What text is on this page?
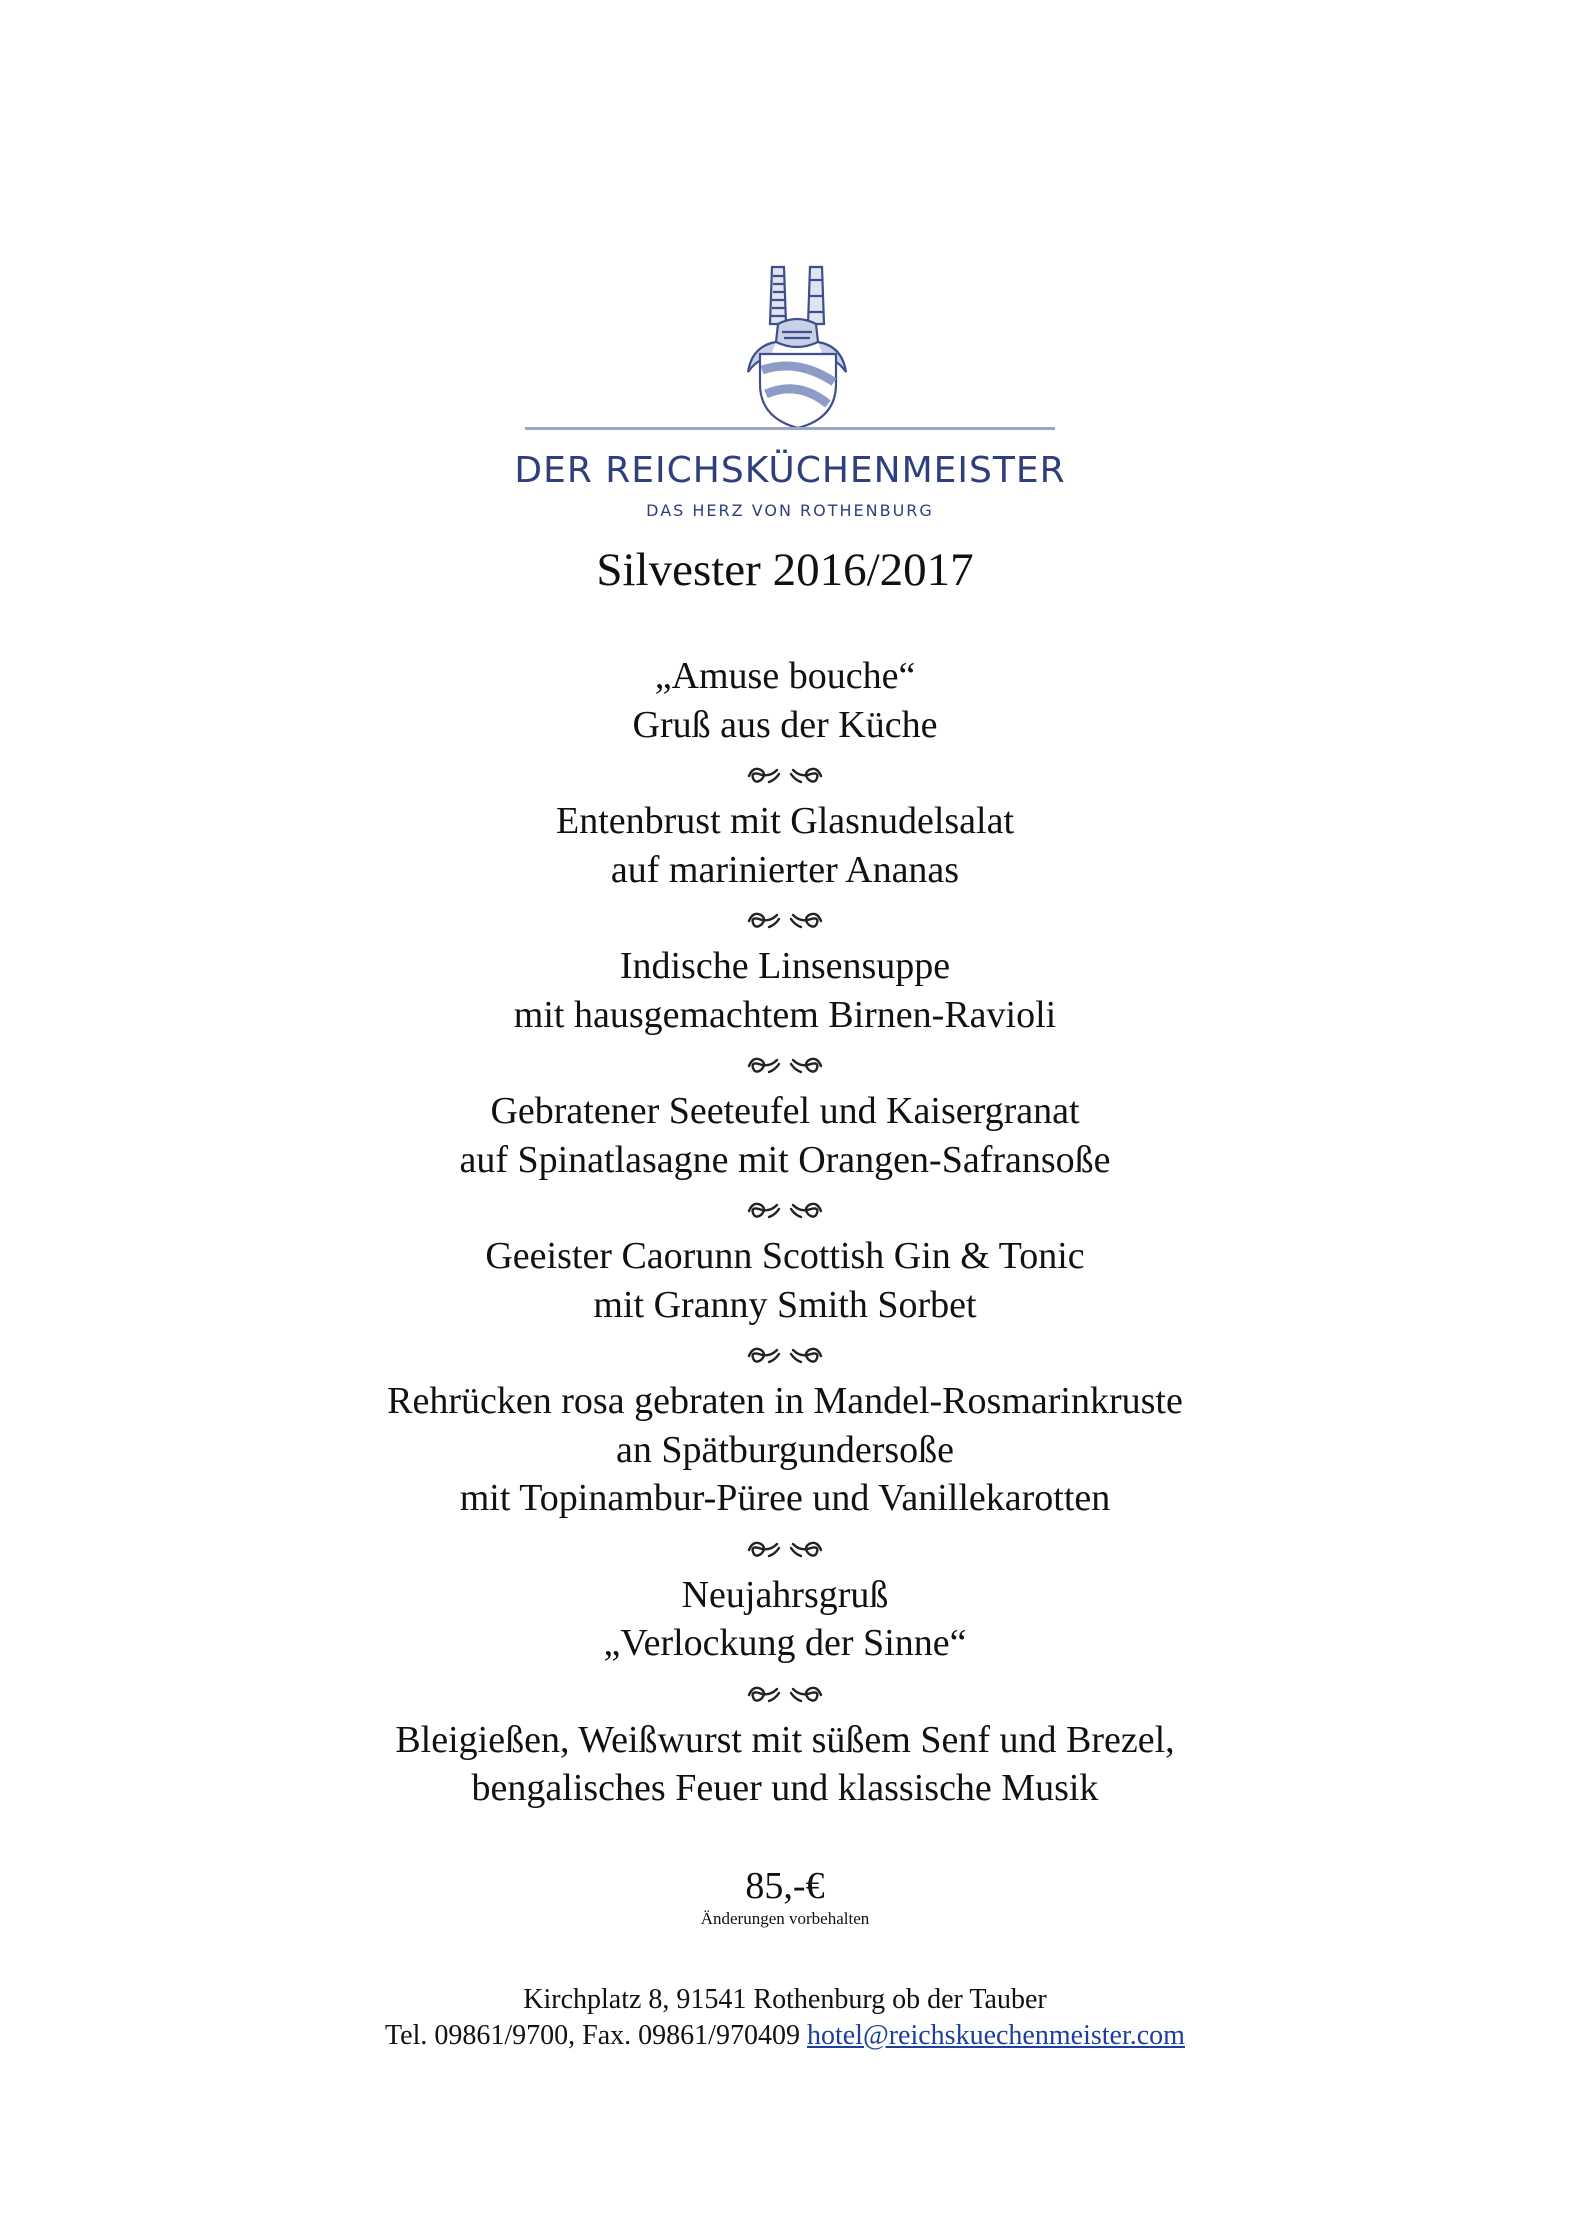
DER REICHSKÜCHENMEISTER
DAS HERZ VON ROTHENBURG
Silvester 2016/2017
„Amuse bouche“
Gruß aus der Küche
Entenbrust mit Glasnudelsalat
auf marinierter Ananas
Indische Linsensuppe
mit hausgemachtem Birnen-Ravioli
Gebratener Seeteufel und Kaisergranat
auf Spinatlasagne mit Orangen-Safransoße
Geeister Caorunn Scottish Gin & Tonic
mit Granny Smith Sorbet
Rehrücken rosa gebraten in Mandel-Rosmarinkruste
an Spätburgundersoße
mit Topinambur-Püree und Vanillekarotten
Neujahrsgruß
„Verlockung der Sinne“
Bleigießen, Weißwurst mit süßem Senf und Brezel,
bengalisches Feuer und klassische Musik
85,-€
Änderungen vorbehalten
Kirchplatz 8, 91541 Rothenburg ob der Tauber
Tel. 09861/9700, Fax. 09861/970409 hotel@reichskuechenmeister.com
